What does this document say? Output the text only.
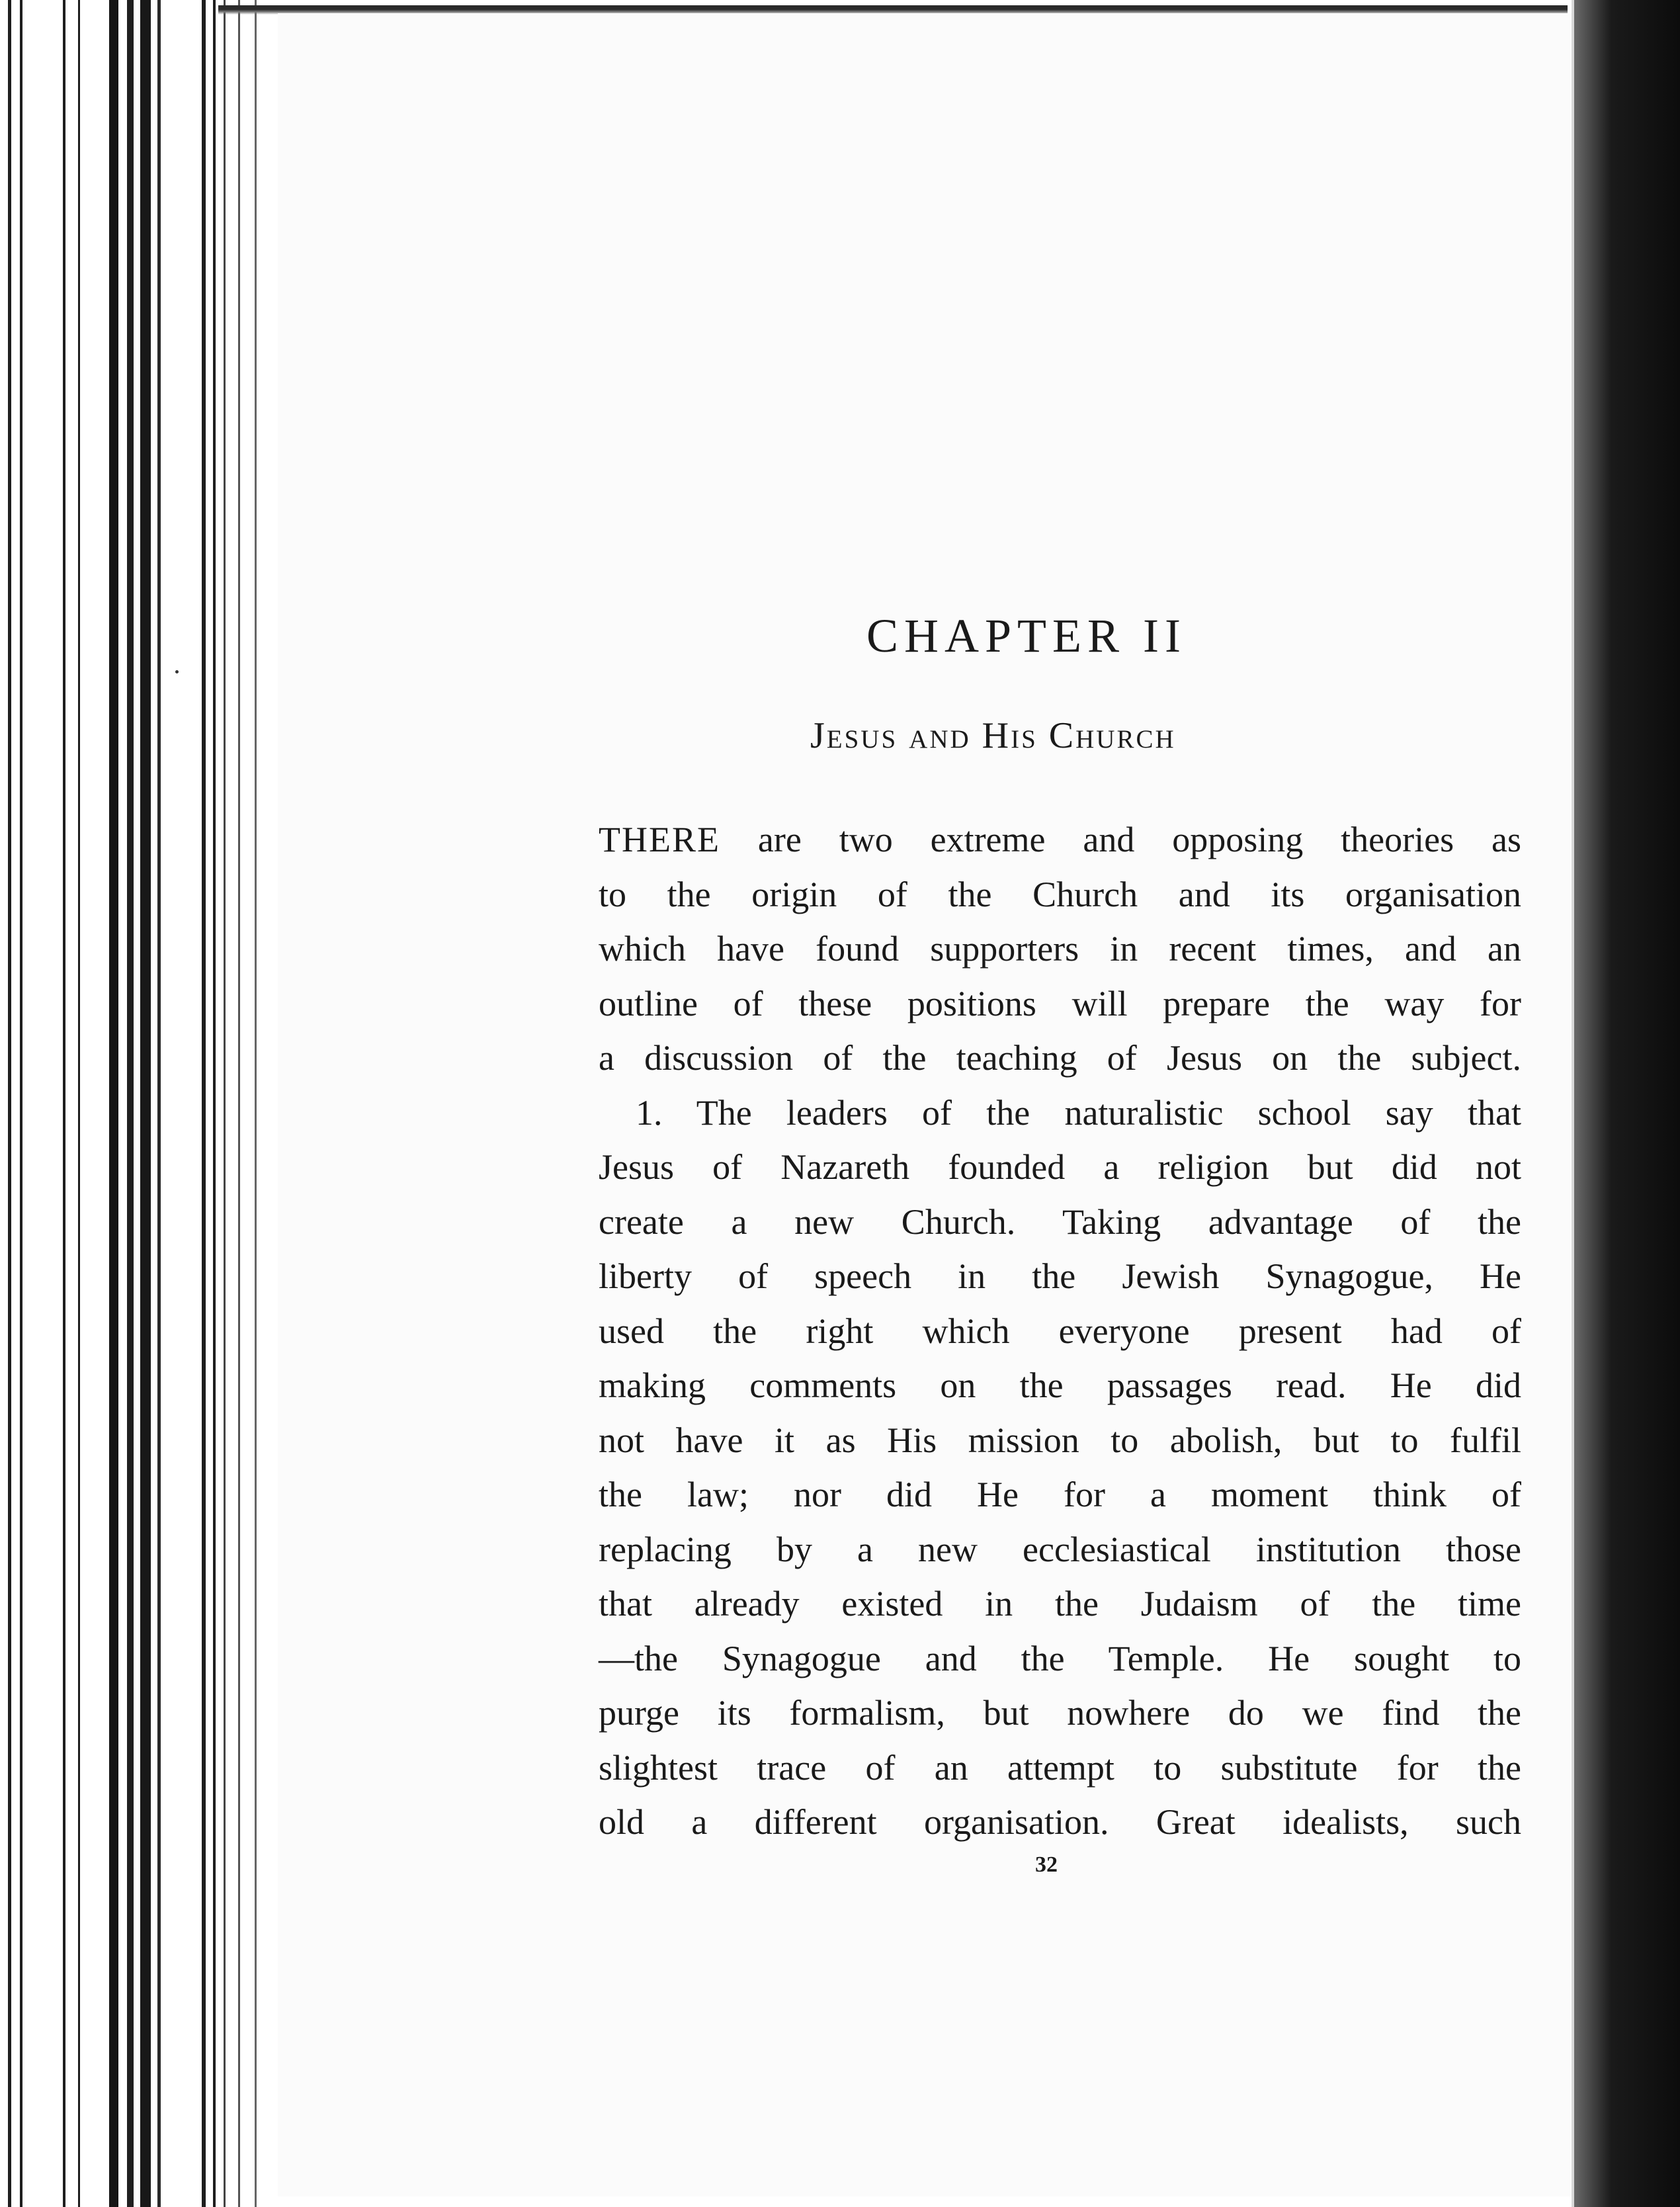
CHAPTER II
Jesus and His Church
THERE are two extreme and opposing theories as
to the origin of the Church and its organisation
which have found supporters in recent times, and an
outline of these positions will prepare the way for
a discussion of the teaching of Jesus on the subject.
1. The leaders of the naturalistic school say that
Jesus of Nazareth founded a religion but did not
create a new Church. Taking advantage of the
liberty of speech in the Jewish Synagogue, He
used the right which everyone present had of
making comments on the passages read. He did
not have it as His mission to abolish, but to fulfil
the law; nor did He for a moment think of
replacing by a new ecclesiastical institution those
that already existed in the Judaism of the time
—the Synagogue and the Temple. He sought to
purge its formalism, but nowhere do we find the
slightest trace of an attempt to substitute for the
old a different organisation. Great idealists, such
32
